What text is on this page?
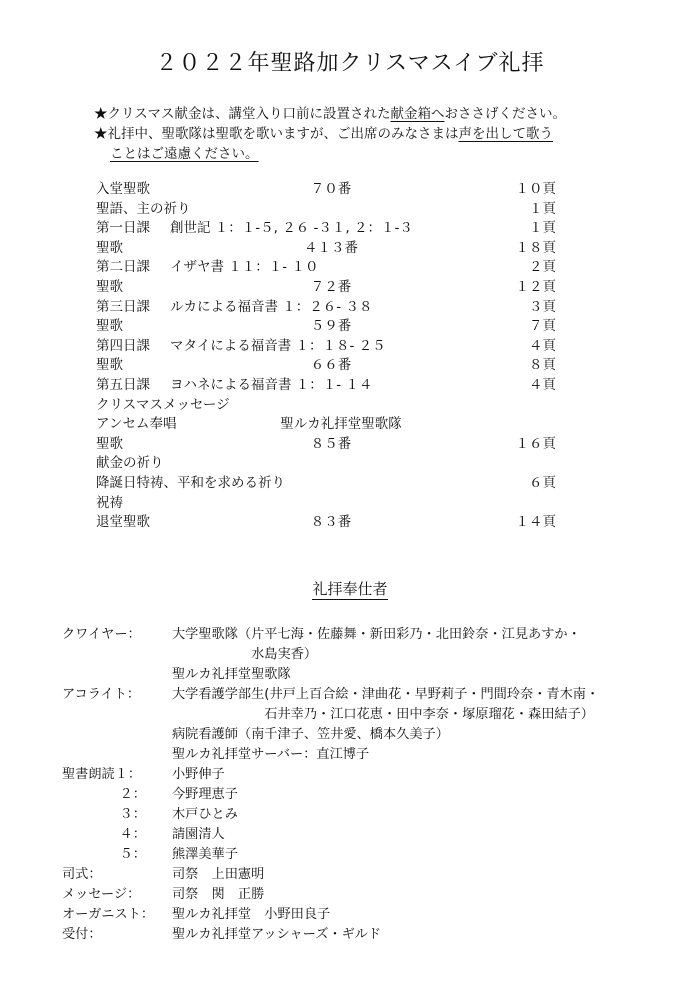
２０２２年聖路加クリスマスイブ礼拝
★クリスマス献金は、講堂入り口前に設置された献金箱へおささげください。
★礼拝中、聖歌隊は聖歌を歌いますが、ご出席のみなさまは声を出して歌う
ことはご遠慮ください。
入堂聖歌	７０番	１０頁
聖語、主の祈り	１頁
第一日課 創世記 １：１-５, ２６ -３１, ２：１-３	１頁
聖歌	４１３番	１８頁
第二日課 イザヤ書 １１：１- １０	２頁
聖歌	７２番	１２頁
第三日課 ルカによる福音書 １：２６- ３８	３頁
聖歌	５９番	７頁
第四日課 マタイによる福音書 １：１８- ２５	４頁
聖歌	６６番	８頁
第五日課 ヨハネによる福音書 １：１- １４	４頁
クリスマスメッセージ
アンセム奉唱	聖ルカ礼拝堂聖歌隊
聖歌	８５番	１６頁
献金の祈り
降誕日特祷、平和を求める祈り	６頁
祝祷
退堂聖歌	８３番	１４頁
礼拝奉仕者
クワイヤー： 大学聖歌隊（片平七海・佐藤舞・新田彩乃・北田鈴奈・江見あすか・
　　　　　　水島実香）
聖ルカ礼拝堂聖歌隊
アコライト： 大学看護学部生(井戸上百合絵・津曲花・早野莉子・門間玲奈・青木南・
　　　　　　　石井幸乃・江口花恵・田中李奈・塚原瑠花・森田結子）
病院看護師（南千津子、笠井愛、橋本久美子）
聖ルカ礼拝堂サーバー：直江博子
聖書朗読１： 小野伸子
２： 今野理恵子
３： 木戸ひとみ
４： 請園清人
５： 熊澤美華子
司式：	司祭　上田憲明
メッセージ： 司祭　関　正勝
オーガニスト： 聖ルカ礼拝堂　小野田良子
受付：	聖ルカ礼拝堂アッシャーズ・ギルド
